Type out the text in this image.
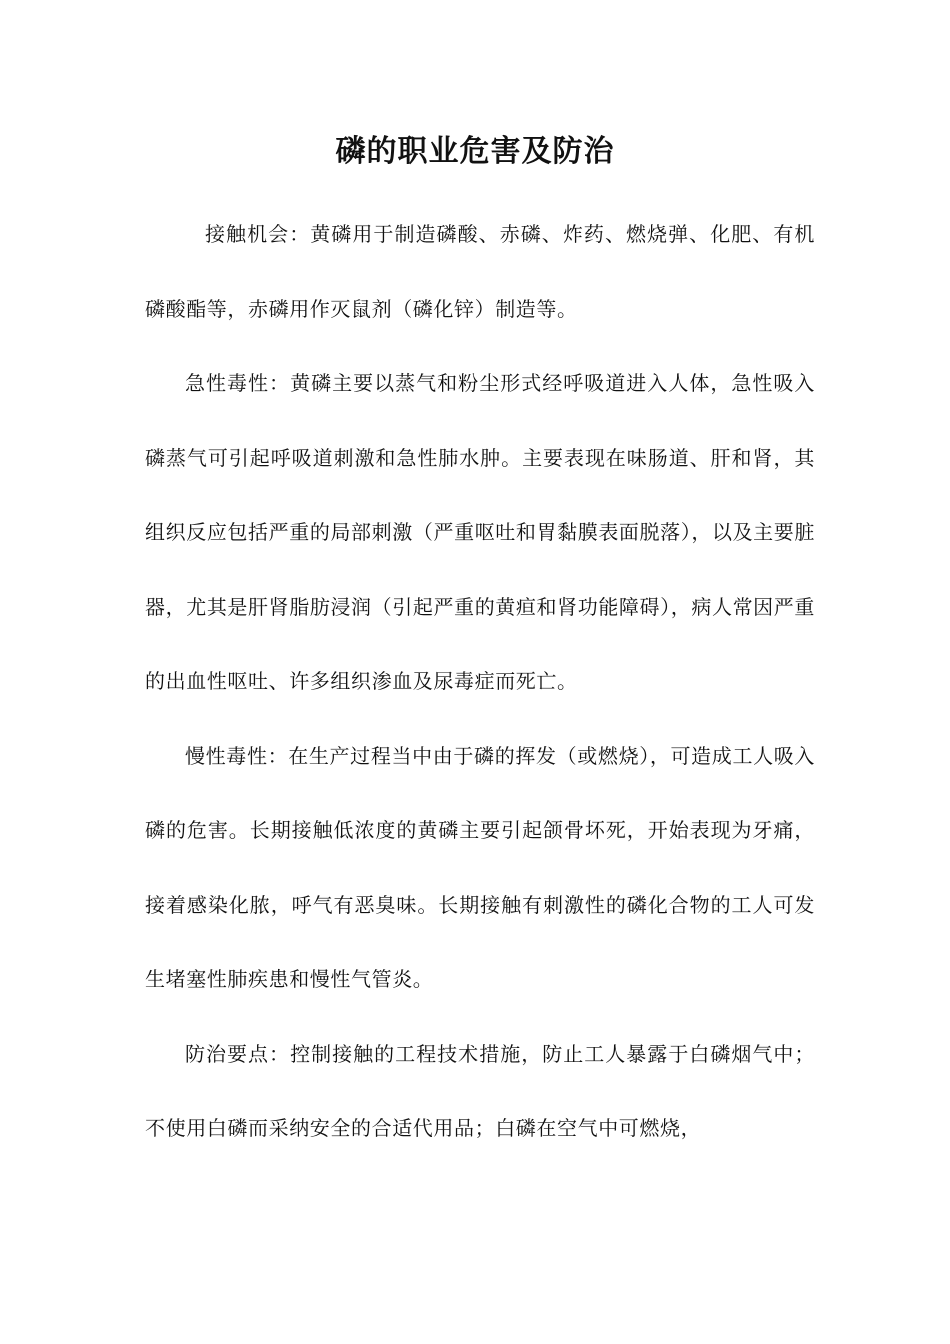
磷的职业危害及防治

接触机会：黄磷用于制造磷酸、赤磷、炸药、燃烧弹、化肥、有机磷酸酯等，赤磷用作灭鼠剂（磷化锌）制造等。

急性毒性：黄磷主要以蒸气和粉尘形式经呼吸道进入人体，急性吸入磷蒸气可引起呼吸道刺激和急性肺水肿。主要表现在味肠道、肝和肾，其组织反应包括严重的局部刺激（严重呕吐和胃黏膜表面脱落），以及主要脏器，尤其是肝肾脂肪浸润（引起严重的黄疸和肾功能障碍），病人常因严重的出血性呕吐、许多组织渗血及尿毒症而死亡。

慢性毒性：在生产过程当中由于磷的挥发（或燃烧），可造成工人吸入磷的危害。长期接触低浓度的黄磷主要引起颌骨坏死，开始表现为牙痛，接着感染化脓，呼气有恶臭味。长期接触有刺激性的磷化合物的工人可发生堵塞性肺疾患和慢性气管炎。

防治要点：控制接触的工程技术措施，防止工人暴露于白磷烟气中；不使用白磷而采纳安全的合适代用品；白磷在空气中可燃烧，
